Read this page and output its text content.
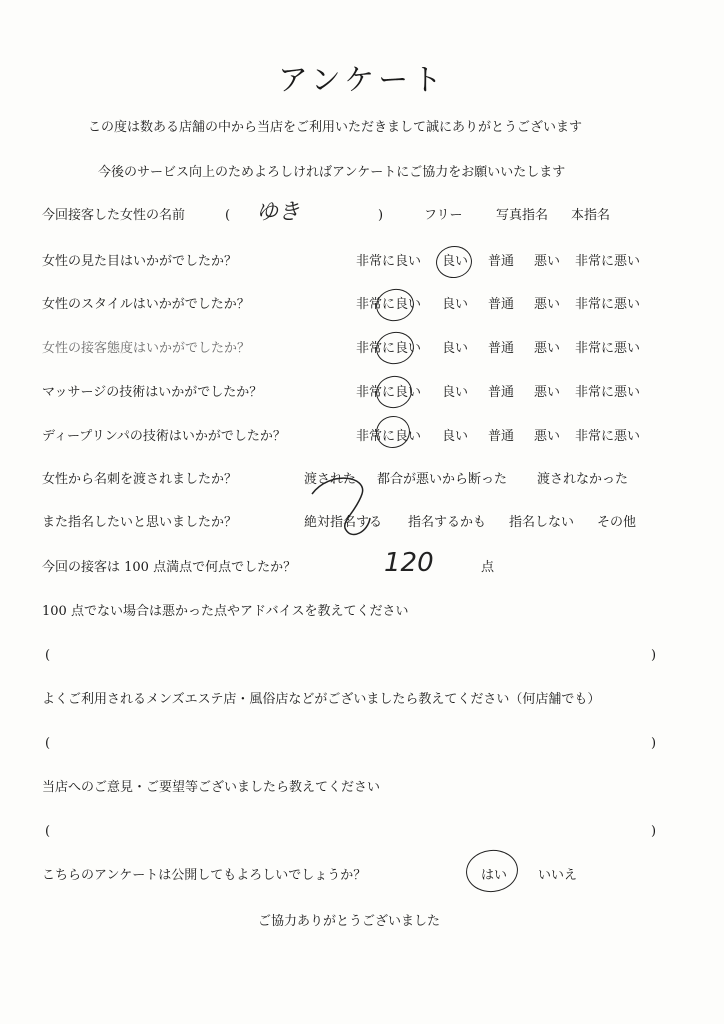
アンケート
この度は数ある店舗の中から当店をご利用いただきまして誠にありがとうございます
今後のサービス向上のためよろしければアンケートにご協力をお願いいたします
今回接客した女性の名前	( ゆき	)	フリー	写真指名 本指名
女性の見た目はいかがでしたか？	非常に良い 良い 普通 悪い 非常に悪い
女性のスタイルはいかがでしたか？	非常に良い 良い 普通 悪い 非常に悪い
女性の接客態度はいかがでしたか？	非常に良い 良い 普通 悪い 非常に悪い
マッサージの技術はいかがでしたか？	非常に良い 良い 普通 悪い 非常に悪い
ディープリンパの技術はいかがでしたか？	非常に良い 良い 普通 悪い 非常に悪い
女性から名刺を渡されましたか？	渡された 都合が悪いから断った 渡されなかった
また指名したいと思いましたか？	絶対指名する 指名するかも 指名しない その他
今回の接客は 100 点満点で何点でしたか？	120	点
100 点でない場合は悪かった点やアドバイスを教えてください
(	)
よくご利用されるメンズエステ店・風俗店などがございましたら教えてください（何店舗でも）
(	)
当店へのご意見・ご要望等ございましたら教えてください
(	)
こちらのアンケートは公開してもよろしいでしょうか？	はい いいえ
ご協力ありがとうございました
